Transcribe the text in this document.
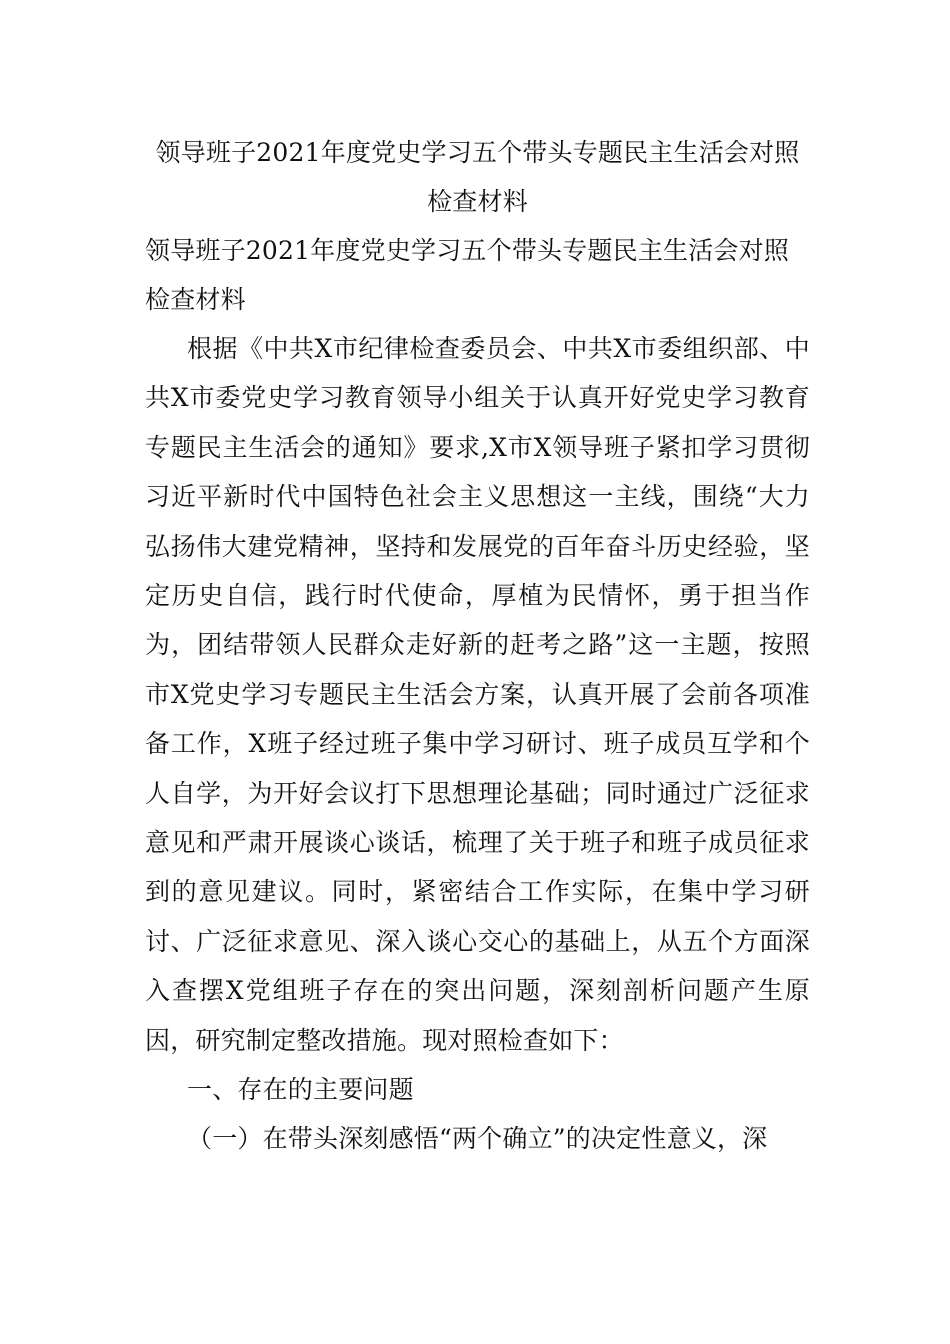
领导班子2021年度党史学习五个带头专题民主生活会对照检查材料

领导班子2021年度党史学习五个带头专题民主生活会对照检查材料

根据《中共X市纪律检查委员会、中共X市委组织部、中共X市委党史学习教育领导小组关于认真开好党史学习教育专题民主生活会的通知》要求,X市X领导班子紧扣学习贯彻习近平新时代中国特色社会主义思想这一主线，围绕“大力弘扬伟大建党精神，坚持和发展党的百年奋斗历史经验，坚定历史自信，践行时代使命，厚植为民情怀，勇于担当作为，团结带领人民群众走好新的赶考之路”这一主题，按照市X党史学习专题民主生活会方案，认真开展了会前各项准备工作，X班子经过班子集中学习研讨、班子成员互学和个人自学，为开好会议打下思想理论基础；同时通过广泛征求意见和严肃开展谈心谈话，梳理了关于班子和班子成员征求到的意见建议。同时，紧密结合工作实际，在集中学习研讨、广泛征求意见、深入谈心交心的基础上，从五个方面深入查摆X党组班子存在的突出问题，深刻剖析问题产生原因，研究制定整改措施。现对照检查如下：

一、存在的主要问题

（一）在带头深刻感悟“两个确立”的决定性意义，深
